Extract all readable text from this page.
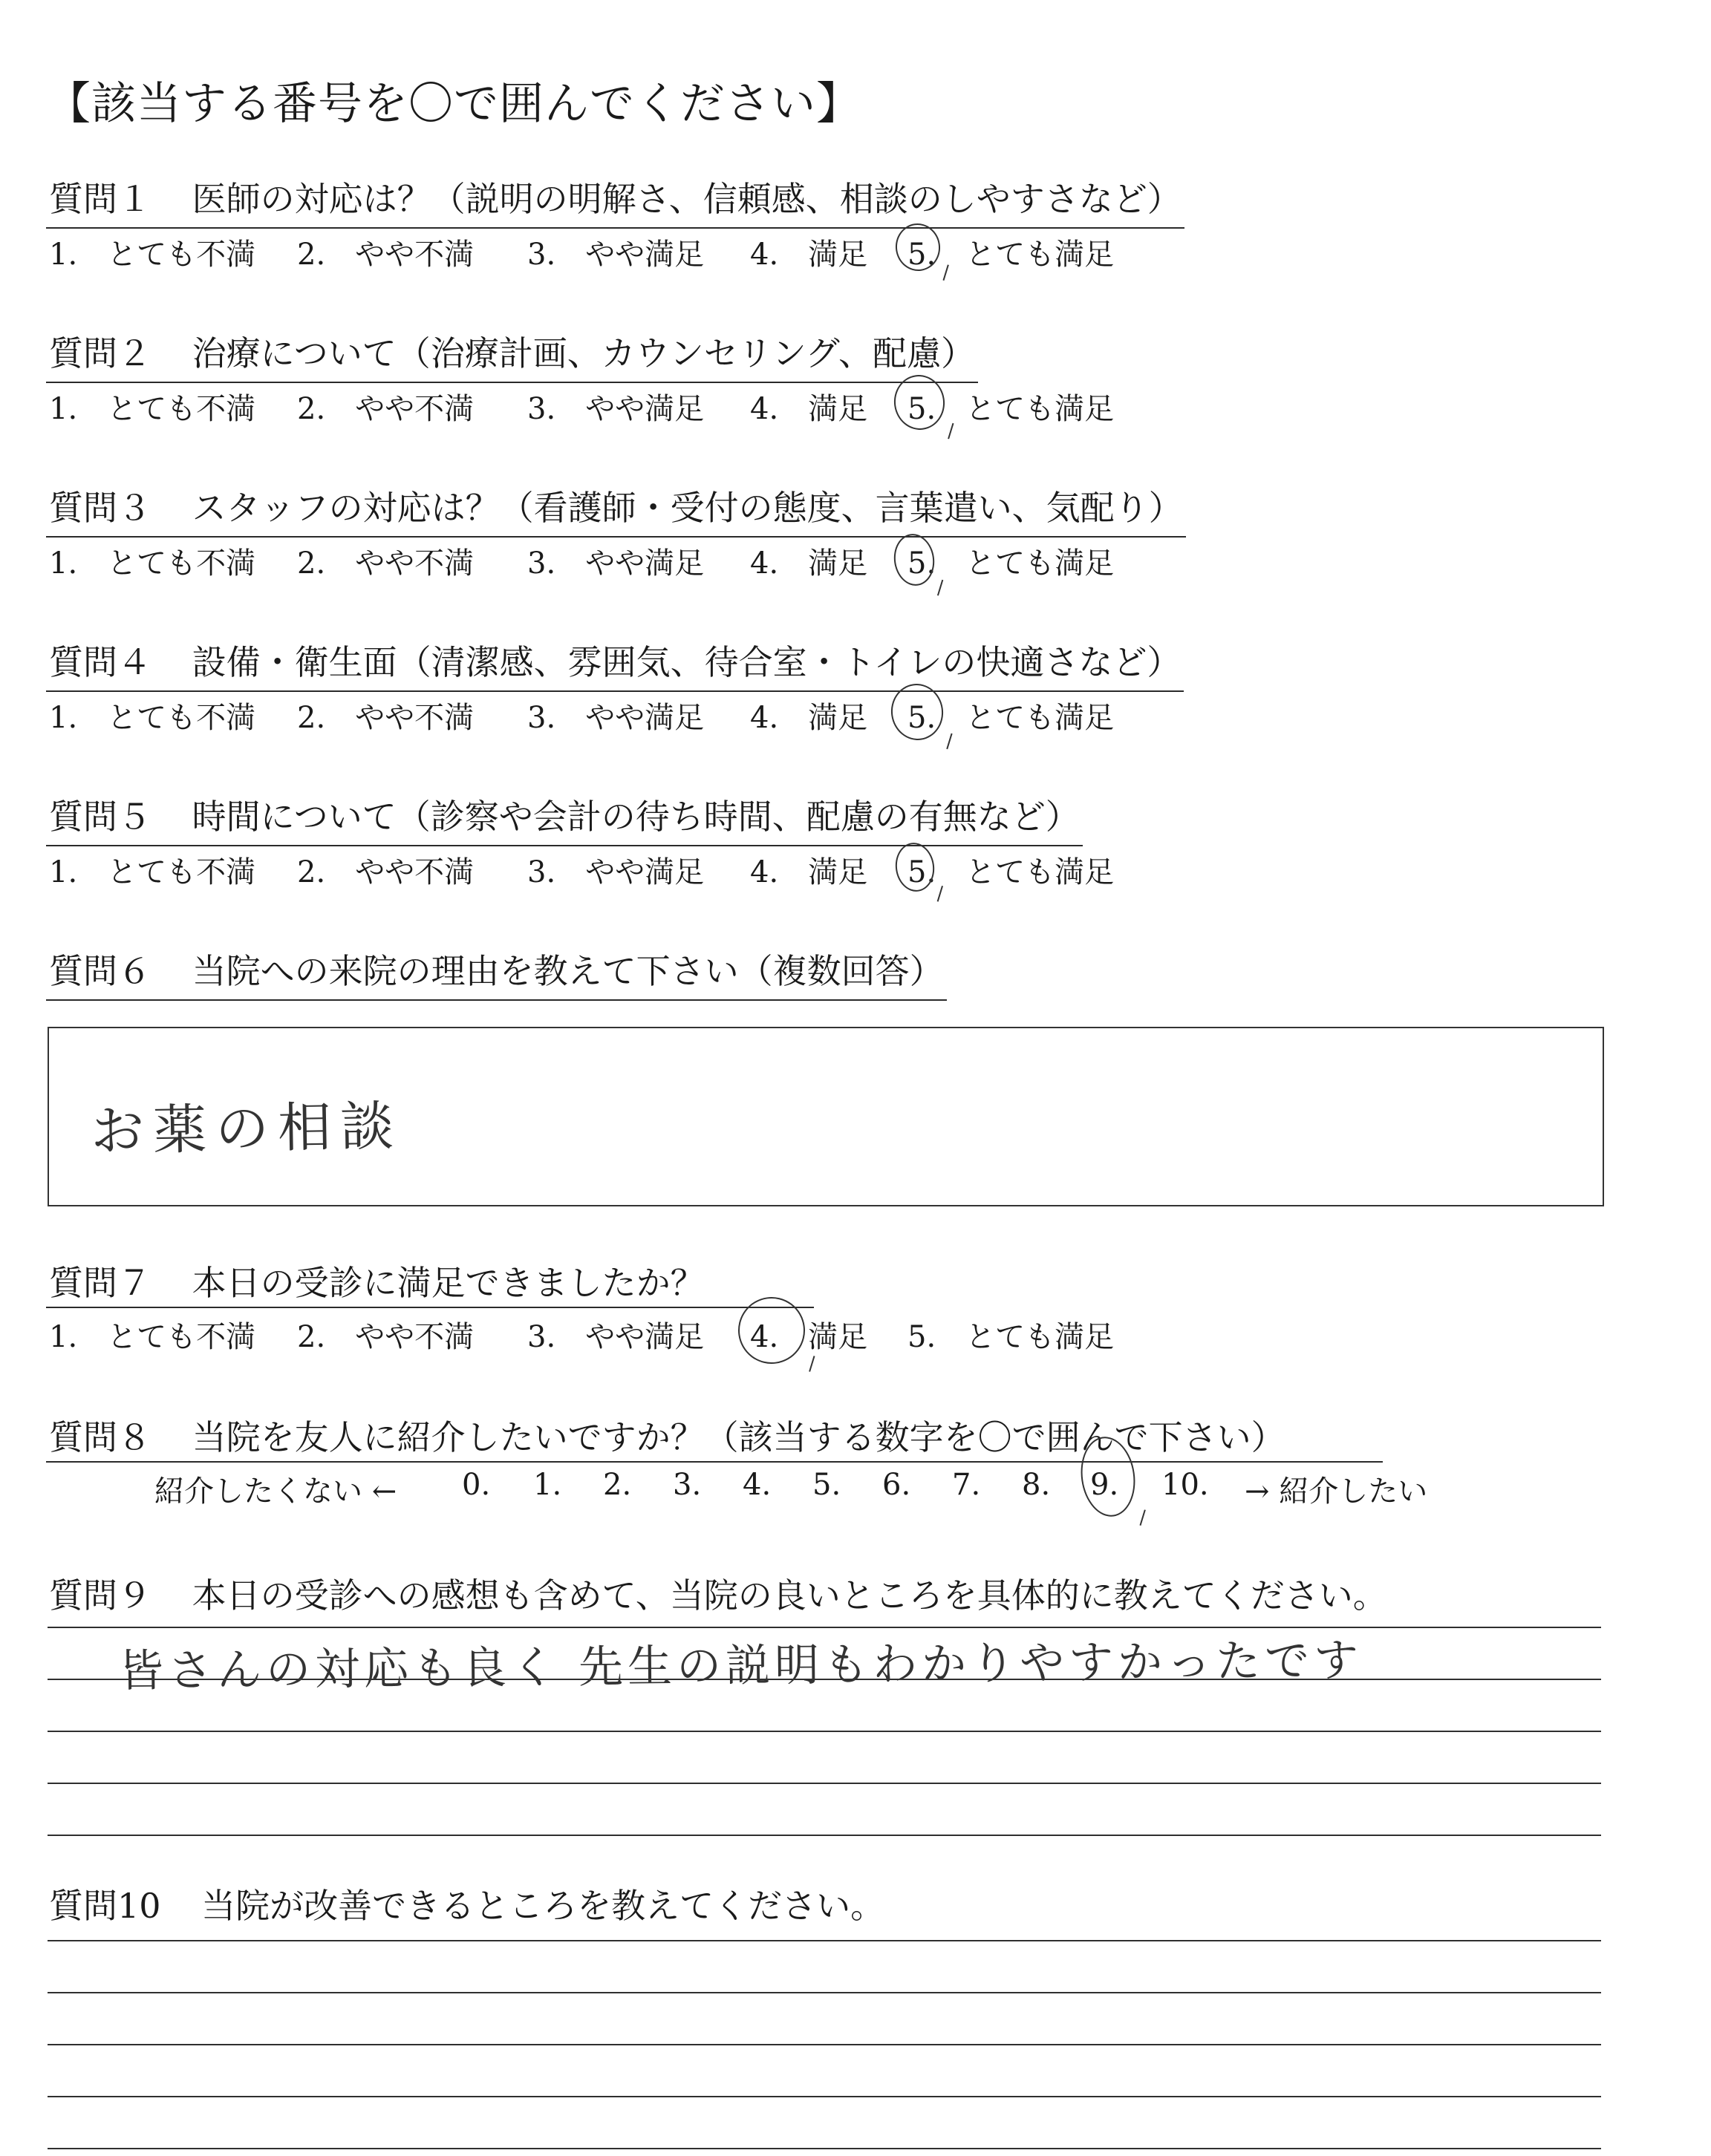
【該当する番号を〇で囲んでください】
質問１ 医師の対応は？（説明の明解さ、信頼感、相談のしやすさなど）
1.　 とても不満 2.　 やや不満 3.　 やや満足 4.　 満足 5.　 とても満足
質問２ 治療について（治療計画、カウンセリング、配慮）
1.　 とても不満 2.　 やや不満 3.　 やや満足 4.　 満足 5.　 とても満足
質問３ スタッフの対応は？（看護師・受付の態度、言葉遣い、気配り）
1.　 とても不満 2.　 やや不満 3.　 やや満足 4.　 満足 5.　 とても満足
質問４ 設備・衛生面（清潔感、雰囲気、待合室・トイレの快適さなど）
1.　 とても不満 2.　 やや不満 3.　 やや満足 4.　 満足 5.　 とても満足
質問５ 時間について（診察や会計の待ち時間、配慮の有無など）
1.　 とても不満 2.　 やや不満 3.　 やや満足 4.　 満足 5.　 とても満足
質問６ 当院への来院の理由を教えて下さい（複数回答）
お薬の相談
質問７ 本日の受診に満足できましたか？
1.　 とても不満 2.　 やや不満 3.　 やや満足 4.　 満足 5.　 とても満足
質問８ 当院を友人に紹介したいですか？（該当する数字を〇で囲んで下さい）
紹介したくない ← 0. 1. 2. 3. 4. 5. 6. 7. 8. 9. 10. → 紹介したい
質問９ 本日の受診への感想も含めて、当院の良いところを具体的に教えてください。
皆さんの対応も良く 先生の説明もわかりやすかったです
質問10 当院が改善できるところを教えてください。
